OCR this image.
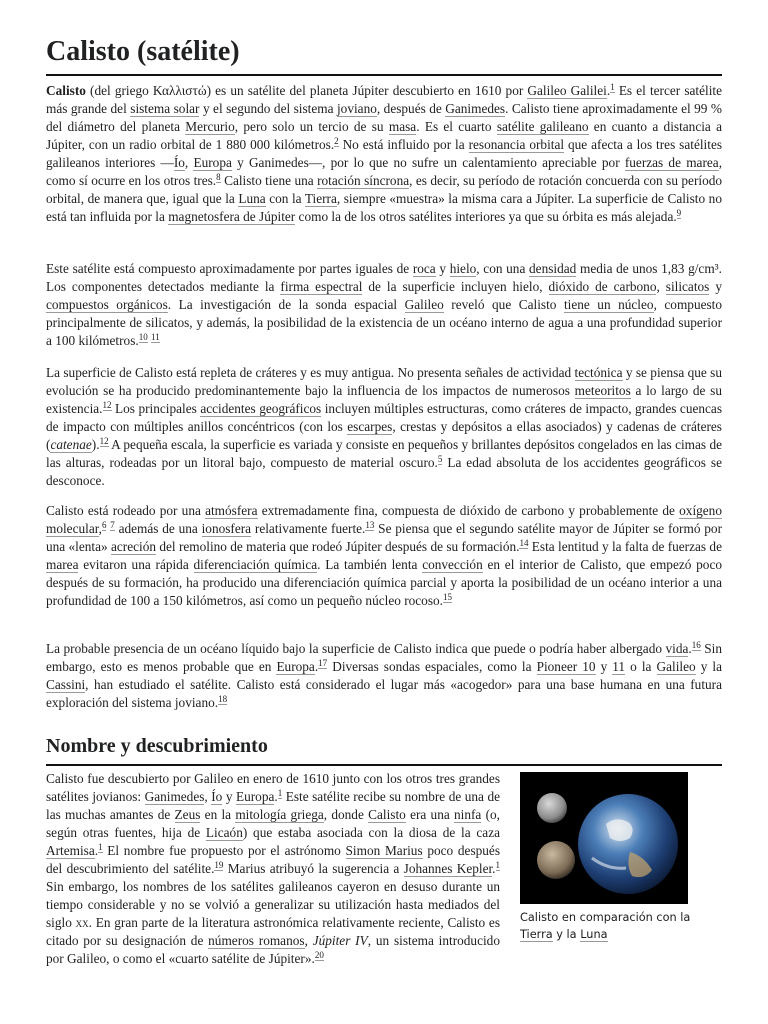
Calisto (satélite)

Calisto (del griego Καλλιστώ) es un satélite del planeta Júpiter descubierto en 1610 por Galileo Galilei.$^1$ Es el tercer satélite más grande del sistema solar y el segundo del sistema joviano, después de Ganimedes. Calisto tiene aproximadamente el 99 % del diámetro del planeta Mercurio, pero solo un tercio de su masa. Es el cuarto satélite galileano en cuanto a distancia a Júpiter, con un radio orbital de 1 880 000 kilómetros.$^2$ No está influido por la resonancia orbital que afecta a los tres satélites galileanos interiores —Ío, Europa y Ganimedes—, por lo que no sufre un calentamiento apreciable por fuerzas de marea, como sí ocurre en los otros tres.$^8$ Calisto tiene una rotación síncrona, es decir, su período de rotación concuerda con su período orbital, de manera que, igual que la Luna con la Tierra, siempre «muestra» la misma cara a Júpiter. La superficie de Calisto no está tan influida por la magnetosfera de Júpiter como la de los otros satélites interiores ya que su órbita es más alejada.$^9$

Este satélite está compuesto aproximadamente por partes iguales de roca y hielo, con una densidad media de unos 1,83 g/cm³. Los componentes detectados mediante la firma espectral de la superficie incluyen hielo, dióxido de carbono, silicatos y compuestos orgánicos. La investigación de la sonda espacial Galileo reveló que Calisto tiene un núcleo, compuesto principalmente de silicatos, y además, la posibilidad de la existencia de un océano interno de agua a una profundidad superior a 100 kilómetros.$^{10}$ $^{11}$

La superficie de Calisto está repleta de cráteres y es muy antigua. No presenta señales de actividad tectónica y se piensa que su evolución se ha producido predominantemente bajo la influencia de los impactos de numerosos meteoritos a lo largo de su existencia.$^{12}$ Los principales accidentes geográficos incluyen múltiples estructuras, como cráteres de impacto, grandes cuencas de impacto con múltiples anillos concéntricos (con los escarpes, crestas y depósitos a ellas asociados) y cadenas de cráteres (catenae).$^{12}$ A pequeña escala, la superficie es variada y consiste en pequeños y brillantes depósitos congelados en las cimas de las alturas, rodeadas por un litoral bajo, compuesto de material oscuro.$^5$ La edad absoluta de los accidentes geográficos se desconoce.

Calisto está rodeado por una atmósfera extremadamente fina, compuesta de dióxido de carbono y probablemente de oxígeno molecular,$^6$ $^7$ además de una ionosfera relativamente fuerte.$^{13}$ Se piensa que el segundo satélite mayor de Júpiter se formó por una «lenta» acreción del remolino de materia que rodeó Júpiter después de su formación.$^{14}$ Esta lentitud y la falta de fuerzas de marea evitaron una rápida diferenciación química. La también lenta convección en el interior de Calisto, que empezó poco después de su formación, ha producido una diferenciación química parcial y aporta la posibilidad de un océano interior a una profundidad de 100 a 150 kilómetros, así como un pequeño núcleo rocoso.$^{15}$

La probable presencia de un océano líquido bajo la superficie de Calisto indica que puede o podría haber albergado vida.$^{16}$ Sin embargo, esto es menos probable que en Europa.$^{17}$ Diversas sondas espaciales, como la Pioneer 10 y 11 o la Galileo y la Cassini, han estudiado el satélite. Calisto está considerado el lugar más «acogedor» para una base humana en una futura exploración del sistema joviano.$^{18}$

Nombre y descubrimiento

Calisto fue descubierto por Galileo en enero de 1610 junto con los otros tres grandes satélites jovianos: Ganimedes, Ío y Europa.$^1$ Este satélite recibe su nombre de una de las muchas amantes de Zeus en la mitología griega, donde Calisto era una ninfa (o, según otras fuentes, hija de Licaón) que estaba asociada con la diosa de la caza Artemisa.$^1$ El nombre fue propuesto por el astrónomo Simon Marius poco después del descubrimiento del satélite.$^{19}$ Marius atribuyó la sugerencia a Johannes Kepler.$^1$ Sin embargo, los nombres de los satélites galileanos cayeron en desuso durante un tiempo considerable y no se volvió a generalizar su utilización hasta mediados del siglo xx. En gran parte de la literatura astronómica relativamente reciente, Calisto es citado por su designación de números romanos, Júpiter IV, un sistema introducido por Galileo, o como el «cuarto satélite de Júpiter».$^{20}$

Calisto en comparación con la Tierra y la Luna
